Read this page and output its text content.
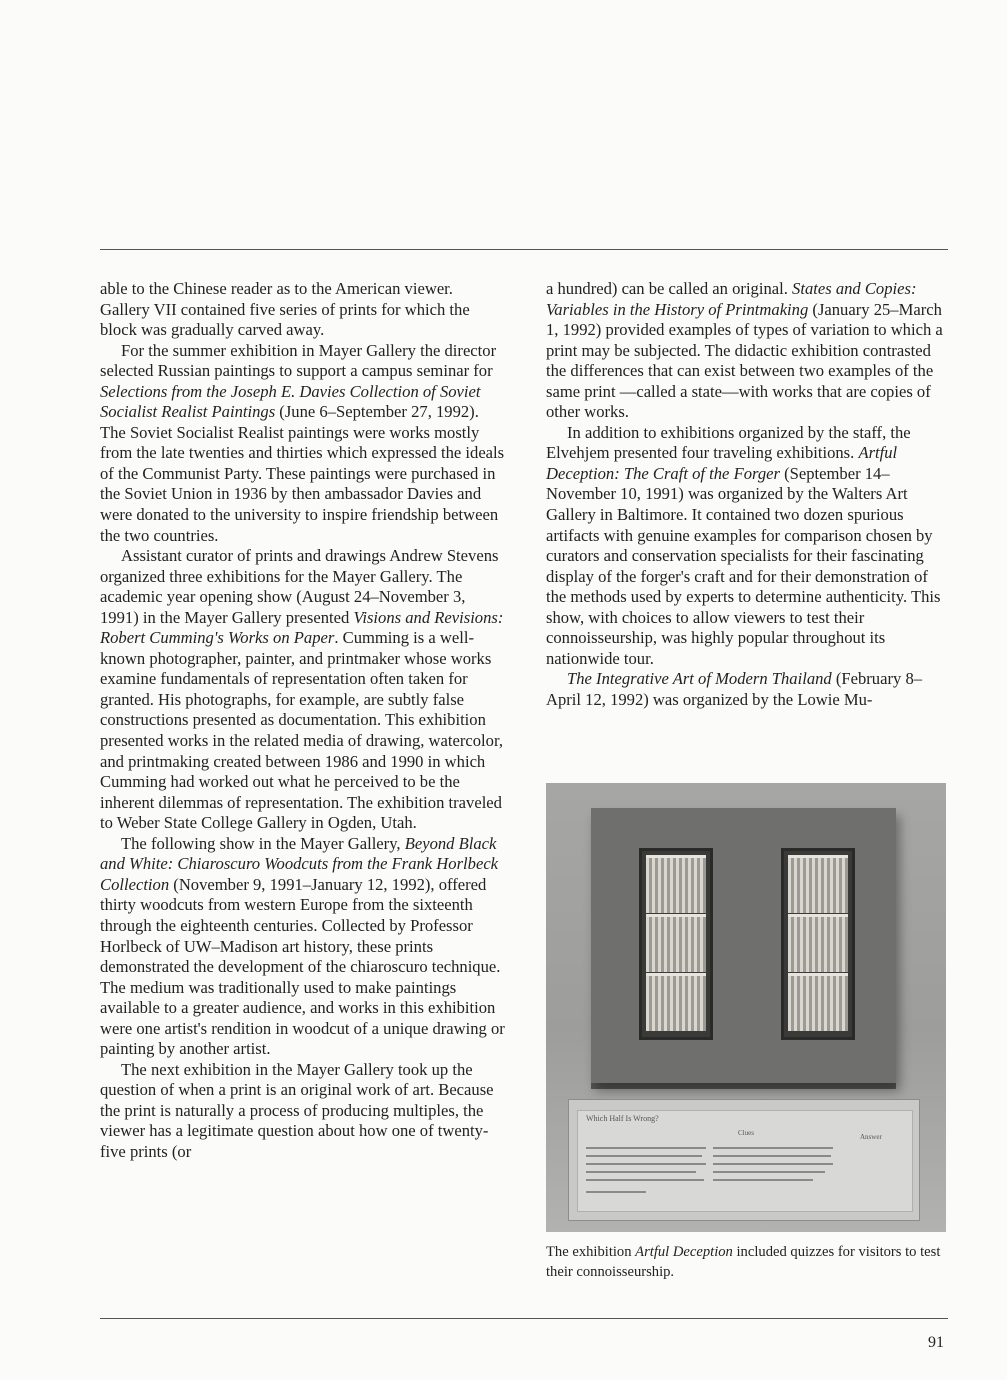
able to the Chinese reader as to the American viewer. Gallery VII contained five series of prints for which the block was gradually carved away.

For the summer exhibition in Mayer Gallery the director selected Russian paintings to support a campus seminar for Selections from the Joseph E. Davies Collection of Soviet Socialist Realist Paintings (June 6–September 27, 1992). The Soviet Socialist Realist paintings were works mostly from the late twenties and thirties which expressed the ideals of the Communist Party. These paintings were purchased in the Soviet Union in 1936 by then ambassador Davies and were donated to the university to inspire friendship between the two countries.

Assistant curator of prints and drawings Andrew Stevens organized three exhibitions for the Mayer Gallery. The academic year opening show (August 24–November 3, 1991) in the Mayer Gallery presented Visions and Revisions: Robert Cumming's Works on Paper. Cumming is a well-known photographer, painter, and printmaker whose works examine fundamentals of representation often taken for granted. His photographs, for example, are subtly false constructions presented as documentation. This exhibition presented works in the related media of drawing, watercolor, and printmaking created between 1986 and 1990 in which Cumming had worked out what he perceived to be the inherent dilemmas of representation. The exhibition traveled to Weber State College Gallery in Ogden, Utah.

The following show in the Mayer Gallery, Beyond Black and White: Chiaroscuro Woodcuts from the Frank Horlbeck Collection (November 9, 1991–January 12, 1992), offered thirty woodcuts from western Europe from the sixteenth through the eighteenth centuries. Collected by Professor Horlbeck of UW–Madison art history, these prints demonstrated the development of the chiaroscuro technique. The medium was traditionally used to make paintings available to a greater audience, and works in this exhibition were one artist's rendition in woodcut of a unique drawing or painting by another artist.

The next exhibition in the Mayer Gallery took up the question of when a print is an original work of art. Because the print is naturally a process of producing multiples, the viewer has a legitimate question about how one of twenty-five prints (or

a hundred) can be called an original. States and Copies: Variables in the History of Printmaking (January 25–March 1, 1992) provided examples of types of variation to which a print may be subjected. The didactic exhibition contrasted the differences that can exist between two examples of the same print —called a state—with works that are copies of other works.

In addition to exhibitions organized by the staff, the Elvehjem presented four traveling exhibitions. Artful Deception: The Craft of the Forger (September 14–November 10, 1991) was organized by the Walters Art Gallery in Baltimore. It contained two dozen spurious artifacts with genuine examples for comparison chosen by curators and conservation specialists for their fascinating display of the forger's craft and for their demonstration of the methods used by experts to determine authenticity. This show, with choices to allow viewers to test their connoisseurship, was highly popular throughout its nationwide tour.

The Integrative Art of Modern Thailand (February 8–April 12, 1992) was organized by the Lowie Mu-

Which Half Is Wrong?
Clues	Answer
The exhibition Artful Deception included quizzes for visitors to test their connoisseurship.
91
